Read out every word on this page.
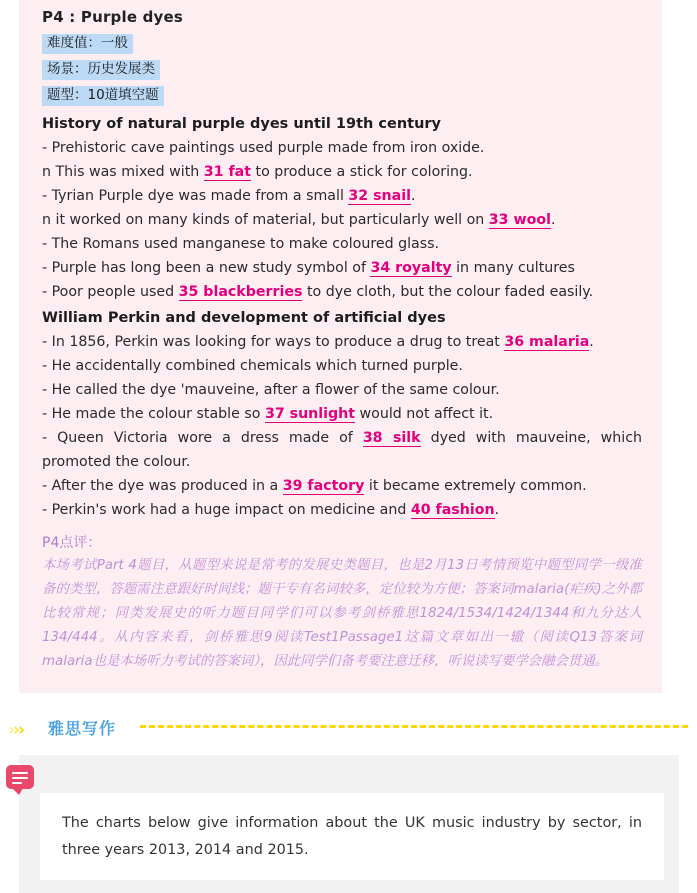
P4 : Purple dyes
难度值：一般
场景：历史发展类
题型：10道填空题
History of natural purple dyes until 19th century
- Prehistoric cave paintings used purple made from iron oxide.
n This was mixed with 31 fat to produce a stick for coloring.
- Tyrian Purple dye was made from a small 32 snail.
n it worked on many kinds of material, but particularly well on 33 wool.
- The Romans used manganese to make coloured glass.
- Purple has long been a new study symbol of 34 royalty in many cultures
- Poor people used 35 blackberries to dye cloth, but the colour faded easily.
William Perkin and development of artificial dyes
- In 1856, Perkin was looking for ways to produce a drug to treat 36 malaria.
- He accidentally combined chemicals which turned purple.
- He called the dye 'mauveine, after a flower of the same colour.
- He made the colour stable so 37 sunlight would not affect it.
- Queen Victoria wore a dress made of 38 silk dyed with mauveine, which promoted the colour.
- After the dye was produced in a 39 factory it became extremely common.
- Perkin's work had a huge impact on medicine and 40 fashion.
P4点评：
本场考试Part 4题目，从题型来说是常考的发展史类题目，也是2月13日考情预览中题型同学一级准备的类型，答题需注意跟好时间线；题干专有名词较多，定位较为方便；答案词malaria(疟疾)之外都比较常规；同类发展史的听力题目同学们可以参考剑桥雅思1824/1534/1424/1344和九分达人134/444。从内容来看，剑桥雅思9阅读Test1Passage1这篇文章如出一辙（阅读Q13答案词malaria也是本场听力考试的答案词），因此同学们备考要注意迁移，听说读写要学会融会贯通。
››› 雅思写作
The charts below give information about the UK music industry by sector, in three years 2013, 2014 and 2015.
